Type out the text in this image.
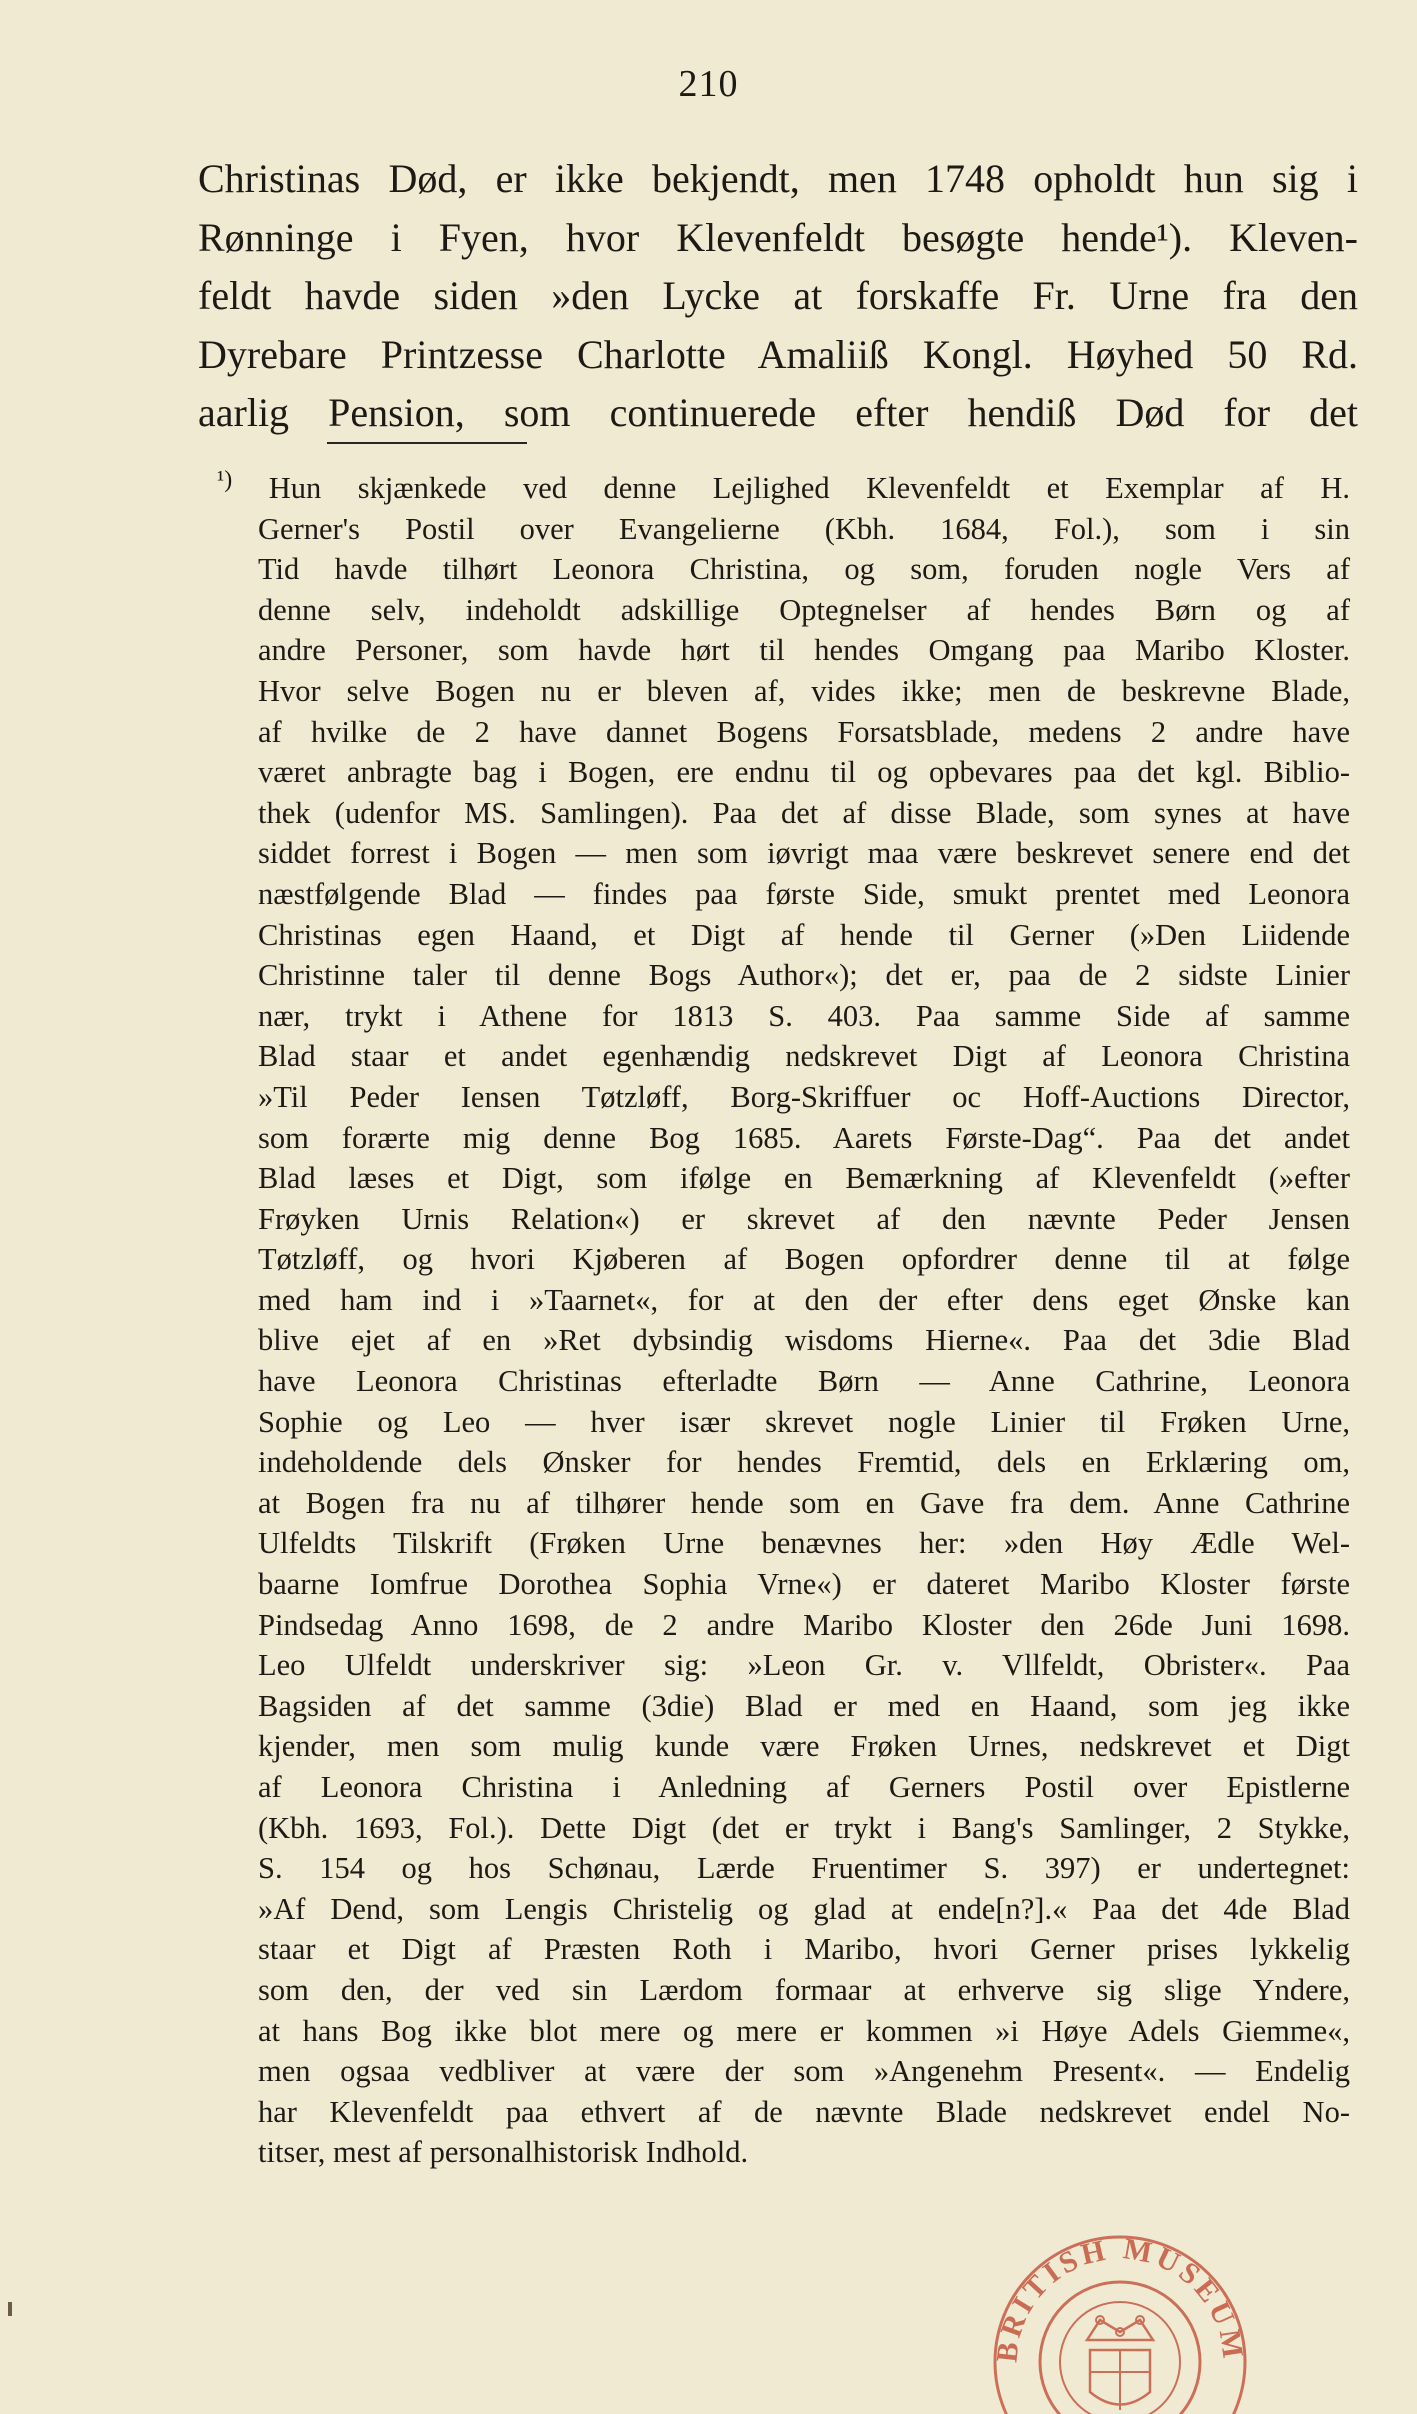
210
Christinas Død, er ikke bekjendt, men 1748 opholdt hun sig i
Rønninge i Fyen, hvor Klevenfeldt besøgte hende¹). Kleven-
feldt havde siden »den Lycke at forskaffe Fr. Urne fra den
Dyrebare Printzesse Charlotte Amaliiß Kongl. Høyhed 50 Rd.
aarlig Pension, som continuerede efter hendiß Død for det
$^{^1)}$ Hun skjænkede ved denne Lejlighed Klevenfeldt et Exemplar af H.
Gerner's Postil over Evangelierne (Kbh. 1684, Fol.), som i sin
Tid havde tilhørt Leonora Christina, og som, foruden nogle Vers af
denne selv, indeholdt adskillige Optegnelser af hendes Børn og af
andre Personer, som havde hørt til hendes Omgang paa Maribo Kloster.
Hvor selve Bogen nu er bleven af, vides ikke; men de beskrevne Blade,
af hvilke de 2 have dannet Bogens Forsatsblade, medens 2 andre have
været anbragte bag i Bogen, ere endnu til og opbevares paa det kgl. Biblio-
thek (udenfor MS. Samlingen). Paa det af disse Blade, som synes at have
siddet forrest i Bogen — men som iøvrigt maa være beskrevet senere end det
næstfølgende Blad — findes paa første Side, smukt prentet med Leonora
Christinas egen Haand, et Digt af hende til Gerner (»Den Liidende
Christinne taler til denne Bogs Author«); det er, paa de 2 sidste Linier
nær, trykt i Athene for 1813 S. 403. Paa samme Side af samme
Blad staar et andet egenhændig nedskrevet Digt af Leonora Christina
»Til Peder Iensen Tøtzløff, Borg-Skriffuer oc Hoff-Auctions Director,
som forærte mig denne Bog 1685. Aarets Første-Dag“. Paa det andet
Blad læses et Digt, som ifølge en Bemærkning af Klevenfeldt (»efter
Frøyken Urnis Relation«) er skrevet af den nævnte Peder Jensen
Tøtzløff, og hvori Kjøberen af Bogen opfordrer denne til at følge
med ham ind i »Taarnet«, for at den der efter dens eget Ønske kan
blive ejet af en »Ret dybsindig wisdoms Hierne«. Paa det 3die Blad
have Leonora Christinas efterladte Børn — Anne Cathrine, Leonora
Sophie og Leo — hver især skrevet nogle Linier til Frøken Urne,
indeholdende dels Ønsker for hendes Fremtid, dels en Erklæring om,
at Bogen fra nu af tilhører hende som en Gave fra dem. Anne Cathrine
Ulfeldts Tilskrift (Frøken Urne benævnes her: »den Høy Ædle Wel-
baarne Iomfrue Dorothea Sophia Vrne«) er dateret Maribo Kloster første
Pindsedag Anno 1698, de 2 andre Maribo Kloster den 26de Juni 1698.
Leo Ulfeldt underskriver sig: »Leon Gr. v. Vllfeldt, Obrister«. Paa
Bagsiden af det samme (3die) Blad er med en Haand, som jeg ikke
kjender, men som mulig kunde være Frøken Urnes, nedskrevet et Digt
af Leonora Christina i Anledning af Gerners Postil over Epistlerne
(Kbh. 1693, Fol.). Dette Digt (det er trykt i Bang's Samlinger, 2 Stykke,
S. 154 og hos Schønau, Lærde Fruentimer S. 397) er undertegnet:
»Af Dend, som Lengis Christelig og glad at ende[n?].« Paa det 4de Blad
staar et Digt af Præsten Roth i Maribo, hvori Gerner prises lykkelig
som den, der ved sin Lærdom formaar at erhverve sig slige Yndere,
at hans Bog ikke blot mere og mere er kommen »i Høye Adels Giemme«,
men ogsaa vedbliver at være der som »Angenehm Present«. — Endelig
har Klevenfeldt paa ethvert af de nævnte Blade nedskrevet endel No-
titser, mest af personalhistorisk Indhold.
BRITISH MUSEUM
